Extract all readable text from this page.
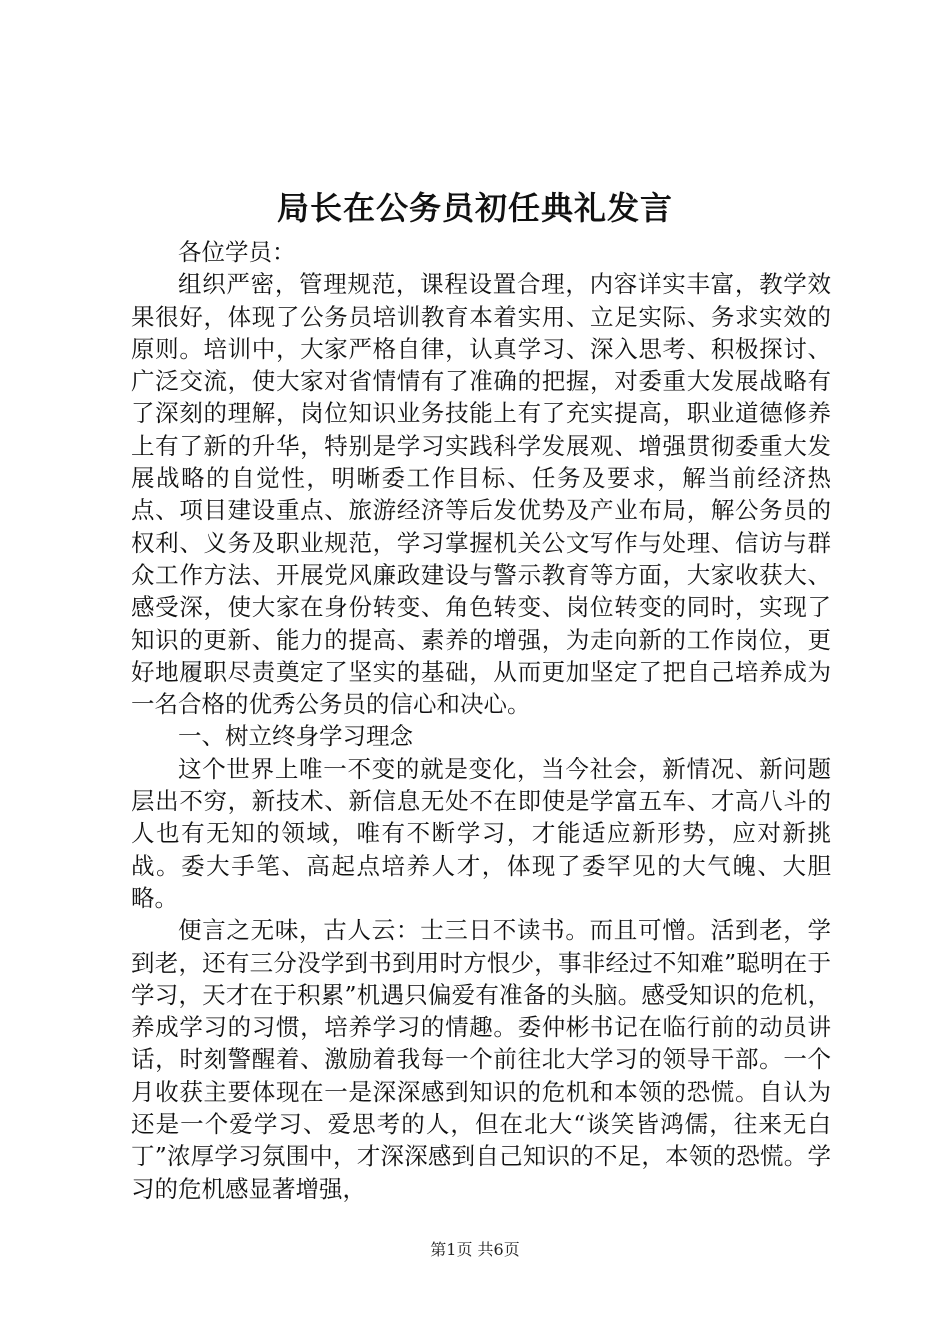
局长在公务员初任典礼发言

各位学员：

组织严密，管理规范，课程设置合理，内容详实丰富，教学效果很好，体现了公务员培训教育本着实用、立足实际、务求实效的原则。培训中，大家严格自律，认真学习、深入思考、积极探讨、广泛交流，使大家对省情情有了准确的把握，对委重大发展战略有了深刻的理解，岗位知识业务技能上有了充实提高，职业道德修养上有了新的升华，特别是学习实践科学发展观、增强贯彻委重大发展战略的自觉性，明晰委工作目标、任务及要求，解当前经济热点、项目建设重点、旅游经济等后发优势及产业布局，解公务员的权利、义务及职业规范，学习掌握机关公文写作与处理、信访与群众工作方法、开展党风廉政建设与警示教育等方面，大家收获大、感受深，使大家在身份转变、角色转变、岗位转变的同时，实现了知识的更新、能力的提高、素养的增强，为走向新的工作岗位，更好地履职尽责奠定了坚实的基础，从而更加坚定了把自己培养成为一名合格的优秀公务员的信心和决心。

一、树立终身学习理念

这个世界上唯一不变的就是变化，当今社会，新情况、新问题层出不穷，新技术、新信息无处不在即使是学富五车、才高八斗的人也有无知的领域，唯有不断学习，才能适应新形势，应对新挑战。委大手笔、高起点培养人才，体现了委罕见的大气魄、大胆略。

便言之无味，古人云：士三日不读书。而且可憎。活到老，学到老，还有三分没学到书到用时方恨少，事非经过不知难”聪明在于学习，天才在于积累”机遇只偏爱有准备的头脑。感受知识的危机，养成学习的习惯，培养学习的情趣。委仲彬书记在临行前的动员讲话，时刻警醒着、激励着我每一个前往北大学习的领导干部。一个月收获主要体现在一是深深感到知识的危机和本领的恐慌。自认为还是一个爱学习、爱思考的人，但在北大“谈笑皆鸿儒，往来无白丁”浓厚学习氛围中，才深深感到自己知识的不足，本领的恐慌。学习的危机感显著增强，

第1页 共6页
